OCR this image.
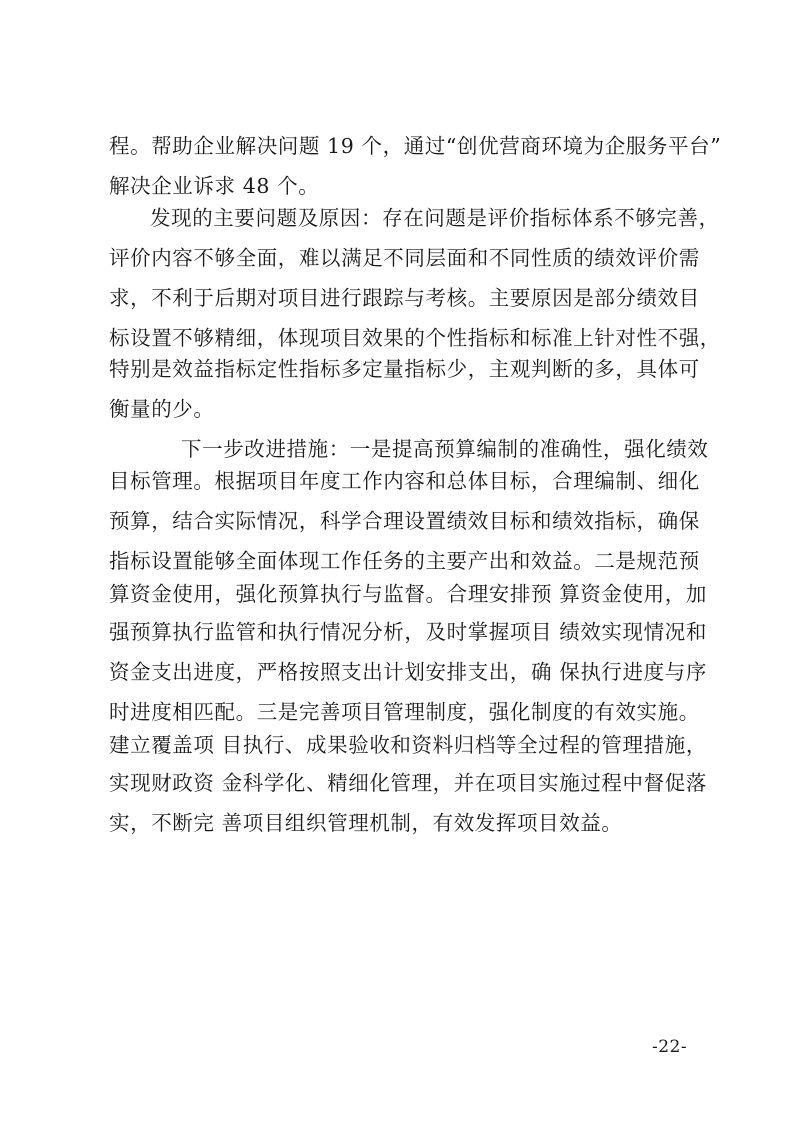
程。帮助企业解决问题 19 个，通过“创优营商环境为企服务平台”
解决企业诉求 48 个。
发现的主要问题及原因：存在问题是评价指标体系不够完善，
评价内容不够全面，难以满足不同层面和不同性质的绩效评价需
求，不利于后期对项目进行跟踪与考核。主要原因是部分绩效目
标设置不够精细，体现项目效果的个性指标和标准上针对性不强，
特别是效益指标定性指标多定量指标少，主观判断的多，具体可
衡量的少。
下一步改进措施：一是提高预算编制的准确性，强化绩效
目标管理。根据项目年度工作内容和总体目标，合理编制、细化
预算，结合实际情况，科学合理设置绩效目标和绩效指标，确保
指标设置能够全面体现工作任务的主要产出和效益。二是规范预
算资金使用，强化预算执行与监督。合理安排预 算资金使用，加
强预算执行监管和执行情况分析，及时掌握项目 绩效实现情况和
资金支出进度，严格按照支出计划安排支出，确 保执行进度与序
时进度相匹配。三是完善项目管理制度，强化制度的有效实施。
建立覆盖项 目执行、成果验收和资料归档等全过程的管理措施，
实现财政资 金科学化、精细化管理，并在项目实施过程中督促落
实，不断完 善项目组织管理机制，有效发挥项目效益。
-22-
